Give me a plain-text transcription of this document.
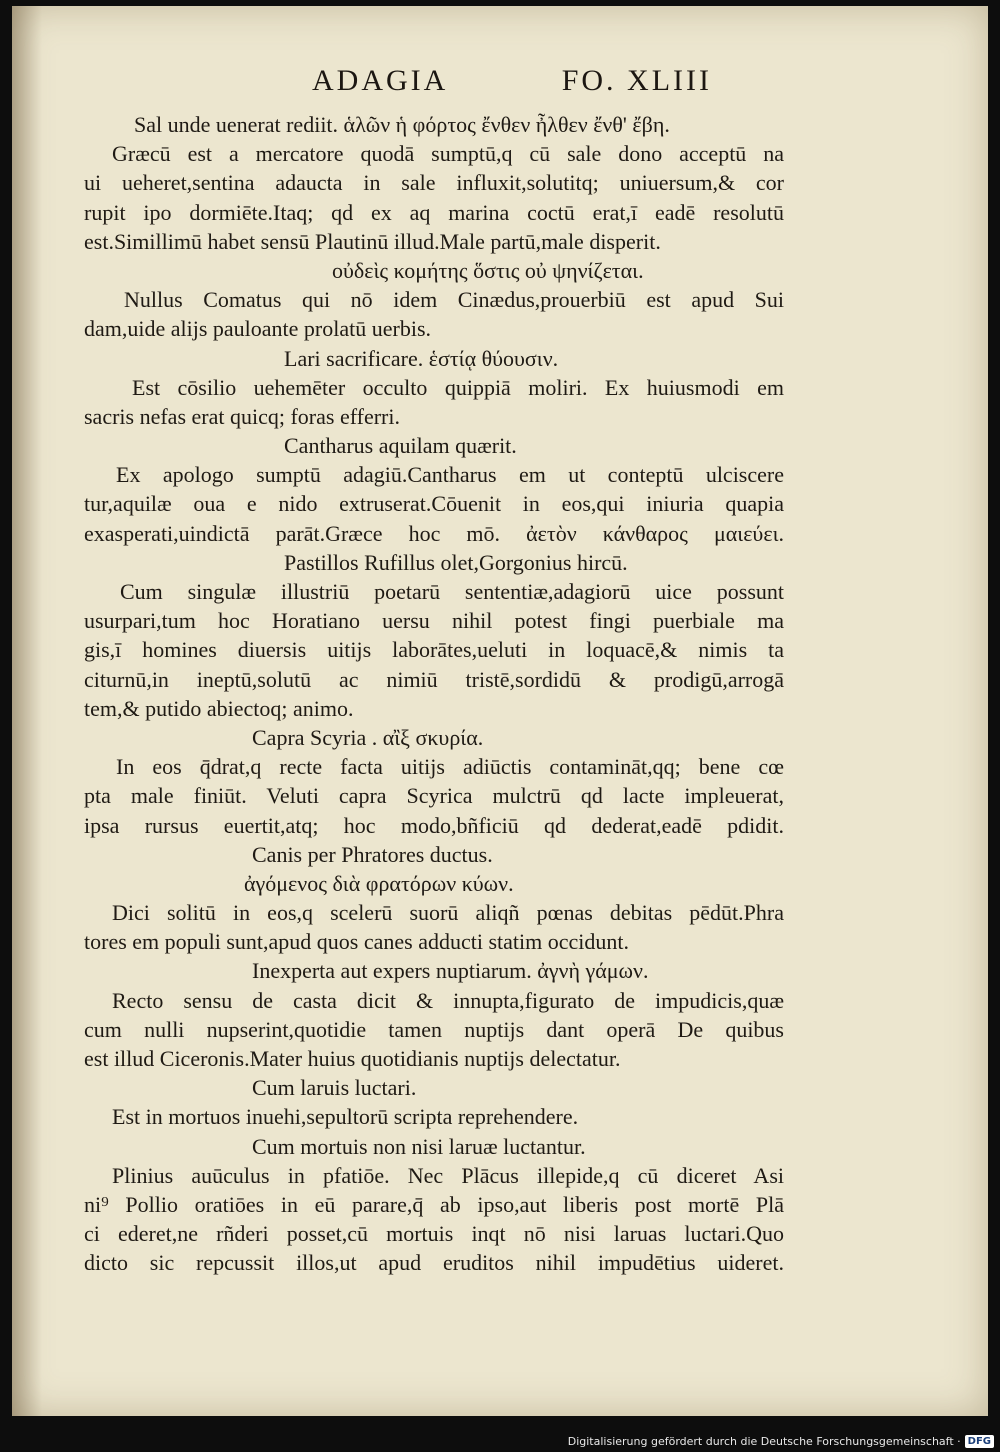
ADAGIA	FO. XLIII
Sal unde uenerat rediit. ἁλῶν ἡ φόρτος ἔνθεν ἦλθεν ἔνθ' ἔβη.
Græcū est a mercatore quodā sumptū,q cū sale dono acceptū na
ui ueheret,sentina adaucta in sale influxit,solutitq; uniuersum,& cor
rupit ipo dormiēte.Itaq; qd ex aq marina coctū erat,ī eadē resolutū
est.Simillimū habet sensū Plautinū illud.Male partū,male disperit.
οὐδεὶς κομήτης ὅστις οὐ ψηνίζεται.
Nullus Comatus qui nō idem Cinædus,prouerbiū est apud Sui
dam,uide alijs pauloante prolatū uerbis.
Lari sacrificare. ἑστίᾳ θύουσιν.
Est cōsilio uehemēter occulto quippiā moliri. Ex huiusmodi em
sacris nefas erat quicq; foras efferri.
Cantharus aquilam quærit.
Ex apologo sumptū adagiū.Cantharus em ut conteptū ulciscere
tur,aquilæ oua e nido extruserat.Cōuenit in eos,qui iniuria quapia
exasperati,uindictā parāt.Græce hoc mō. ἀετὸν κάνθαρος μαιεύει.
Pastillos Rufillus olet,Gorgonius hircū.
Cum singulæ illustriū poetarū sententiæ,adagiorū uice possunt
usurpari,tum hoc Horatiano uersu nihil potest fingi puerbiale ma
gis,ī homines diuersis uitijs laborātes,ueluti in loquacē,& nimis ta
citurnū,in ineptū,solutū ac nimiū tristē,sordidū & prodigū,arrogā
tem,& putido abiectoq; animo.
Capra Scyria . αἲξ σκυρία.
In eos q̄drat,q recte facta uitijs adiūctis contamināt,qq; bene cœ
pta male finiūt. Veluti capra Scyrica mulctrū qd lacte impleuerat,
ipsa rursus euertit,atq; hoc modo,bñficiū qd dederat,eadē pdidit.
Canis per Phratores ductus.
ἀγόμενος διὰ φρατόρων κύων.
Dici solitū in eos,q scelerū suorū aliqñ pœnas debitas pēdūt.Phra
tores em populi sunt,apud quos canes adducti statim occidunt.
Inexperta aut expers nuptiarum. ἀγνὴ γάμων.
Recto sensu de casta dicit & innupta,figurato de impudicis,quæ
cum nulli nupserint,quotidie tamen nuptijs dant operā De quibus
est illud Ciceronis.Mater huius quotidianis nuptijs delectatur.
Cum laruis luctari.
Est in mortuos inuehi,sepultorū scripta reprehendere.
Cum mortuis non nisi laruæ luctantur.
Plinius auūculus in pfatiōe. Nec Plācus illepide,q cū diceret Asi
ni⁹ Pollio oratiōes in eū parare,q̄ ab ipso,aut liberis post mortē Plā
ci ederet,ne rñderi posset,cū mortuis inqt nō nisi laruas luctari.Quo
dicto sic repcussit illos,ut apud eruditos nihil impudētius uideret.
Digitalisierung gefördert durch die Deutsche Forschungsgemeinschaft · DFG
